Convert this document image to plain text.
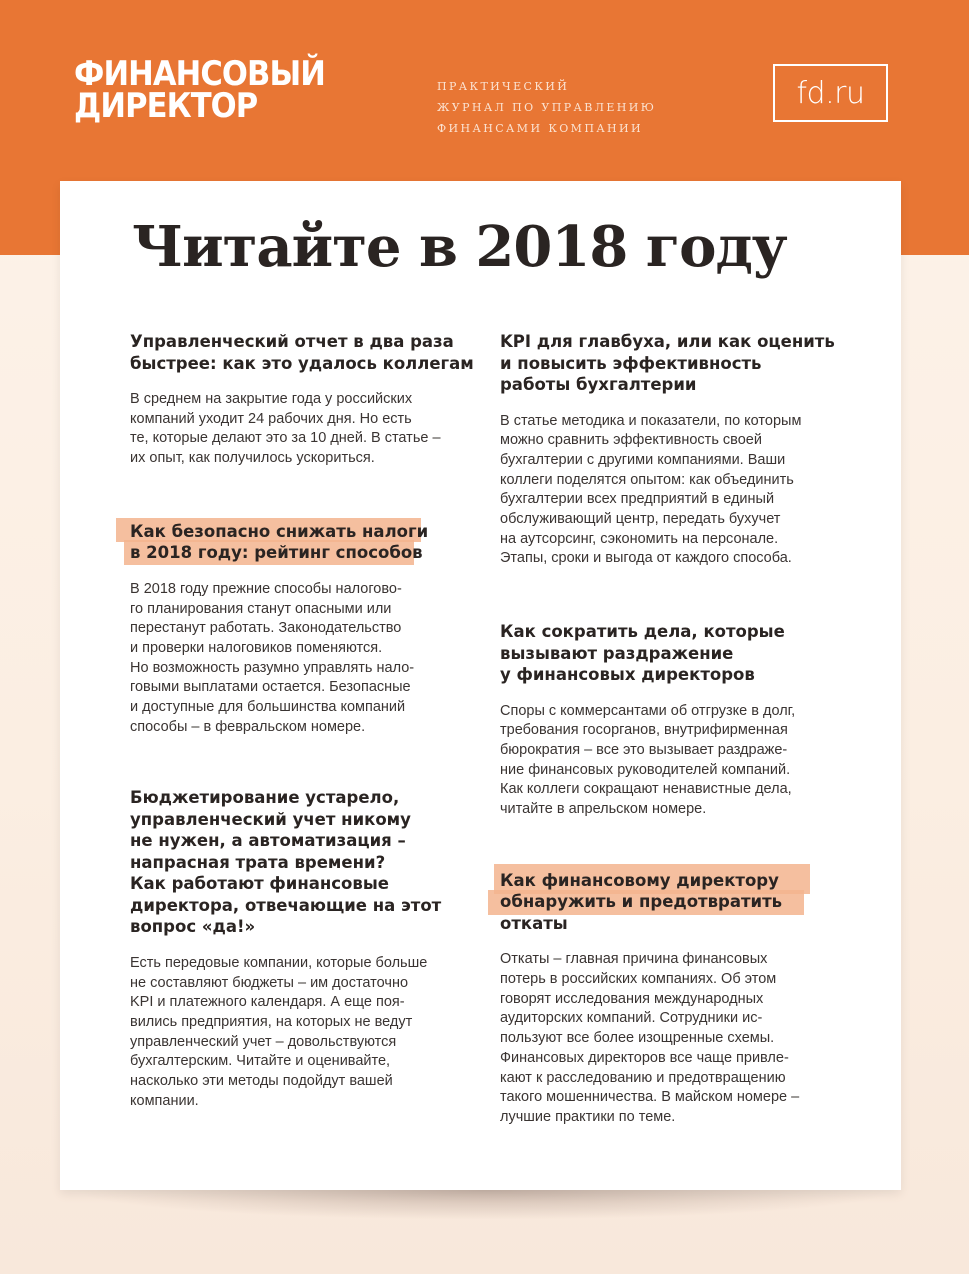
ФИНАНСОВЫЙ
ДИРЕКТОР	ПРАКТИЧЕСКИЙ
ЖУРНАЛ ПО УПРАВЛЕНИЮ
ФИНАНСАМИ КОМПАНИИ
fd.ru
Читайте в 2018 году
Управленческий отчет в два раза
быстрее: как это удалось коллегам
В среднем на закрытие года у российских
компаний уходит 24 рабочих дня. Но есть
те, которые делают это за 10 дней. В статье –
их опыт, как получилось ускориться.
Как безопасно снижать налоги
в 2018 году: рейтинг способов
В 2018 году прежние способы налогово-
го планирования станут опасными или
перестанут работать. Законодательство
и проверки налоговиков поменяются.
Но возможность разумно управлять нало-
говыми выплатами остается. Безопасные
и доступные для большинства компаний
способы – в февральском номере.
Бюджетирование устарело,
управленческий учет никому
не нужен, а автоматизация –
напрасная трата времени?
Как работают финансовые
директора, отвечающие на этот
вопрос «да!»
Есть передовые компании, которые больше
не составляют бюджеты – им достаточно
KPI и платежного календаря. А еще поя-
вились предприятия, на которых не ведут
управленческий учет – довольствуются
бухгалтерским. Читайте и оценивайте,
насколько эти методы подойдут вашей
компании.
KPI для главбуха, или как оценить
и повысить эффективность
работы бухгалтерии
В статье методика и показатели, по которым
можно сравнить эффективность своей
бухгалтерии с другими компаниями. Ваши
коллеги поделятся опытом: как объединить
бухгалтерии всех предприятий в единый
обслуживающий центр, передать бухучет
на аутсорсинг, сэкономить на персонале.
Этапы, сроки и выгода от каждого способа.
Как сократить дела, которые
вызывают раздражение
у финансовых директоров
Споры с коммерсантами об отгрузке в долг,
требования госорганов, внутрифирменная
бюрократия – все это вызывает раздраже-
ние финансовых руководителей компаний.
Как коллеги сокращают ненавистные дела,
читайте в апрельском номере.
Как финансовому директору
обнаружить и предотвратить
откаты
Откаты – главная причина финансовых
потерь в российских компаниях. Об этом
говорят исследования международных
аудиторских компаний. Сотрудники ис-
пользуют все более изощренные схемы.
Финансовых директоров все чаще привле-
кают к расследованию и предотвращению
такого мошенничества. В майском номере –
лучшие практики по теме.
